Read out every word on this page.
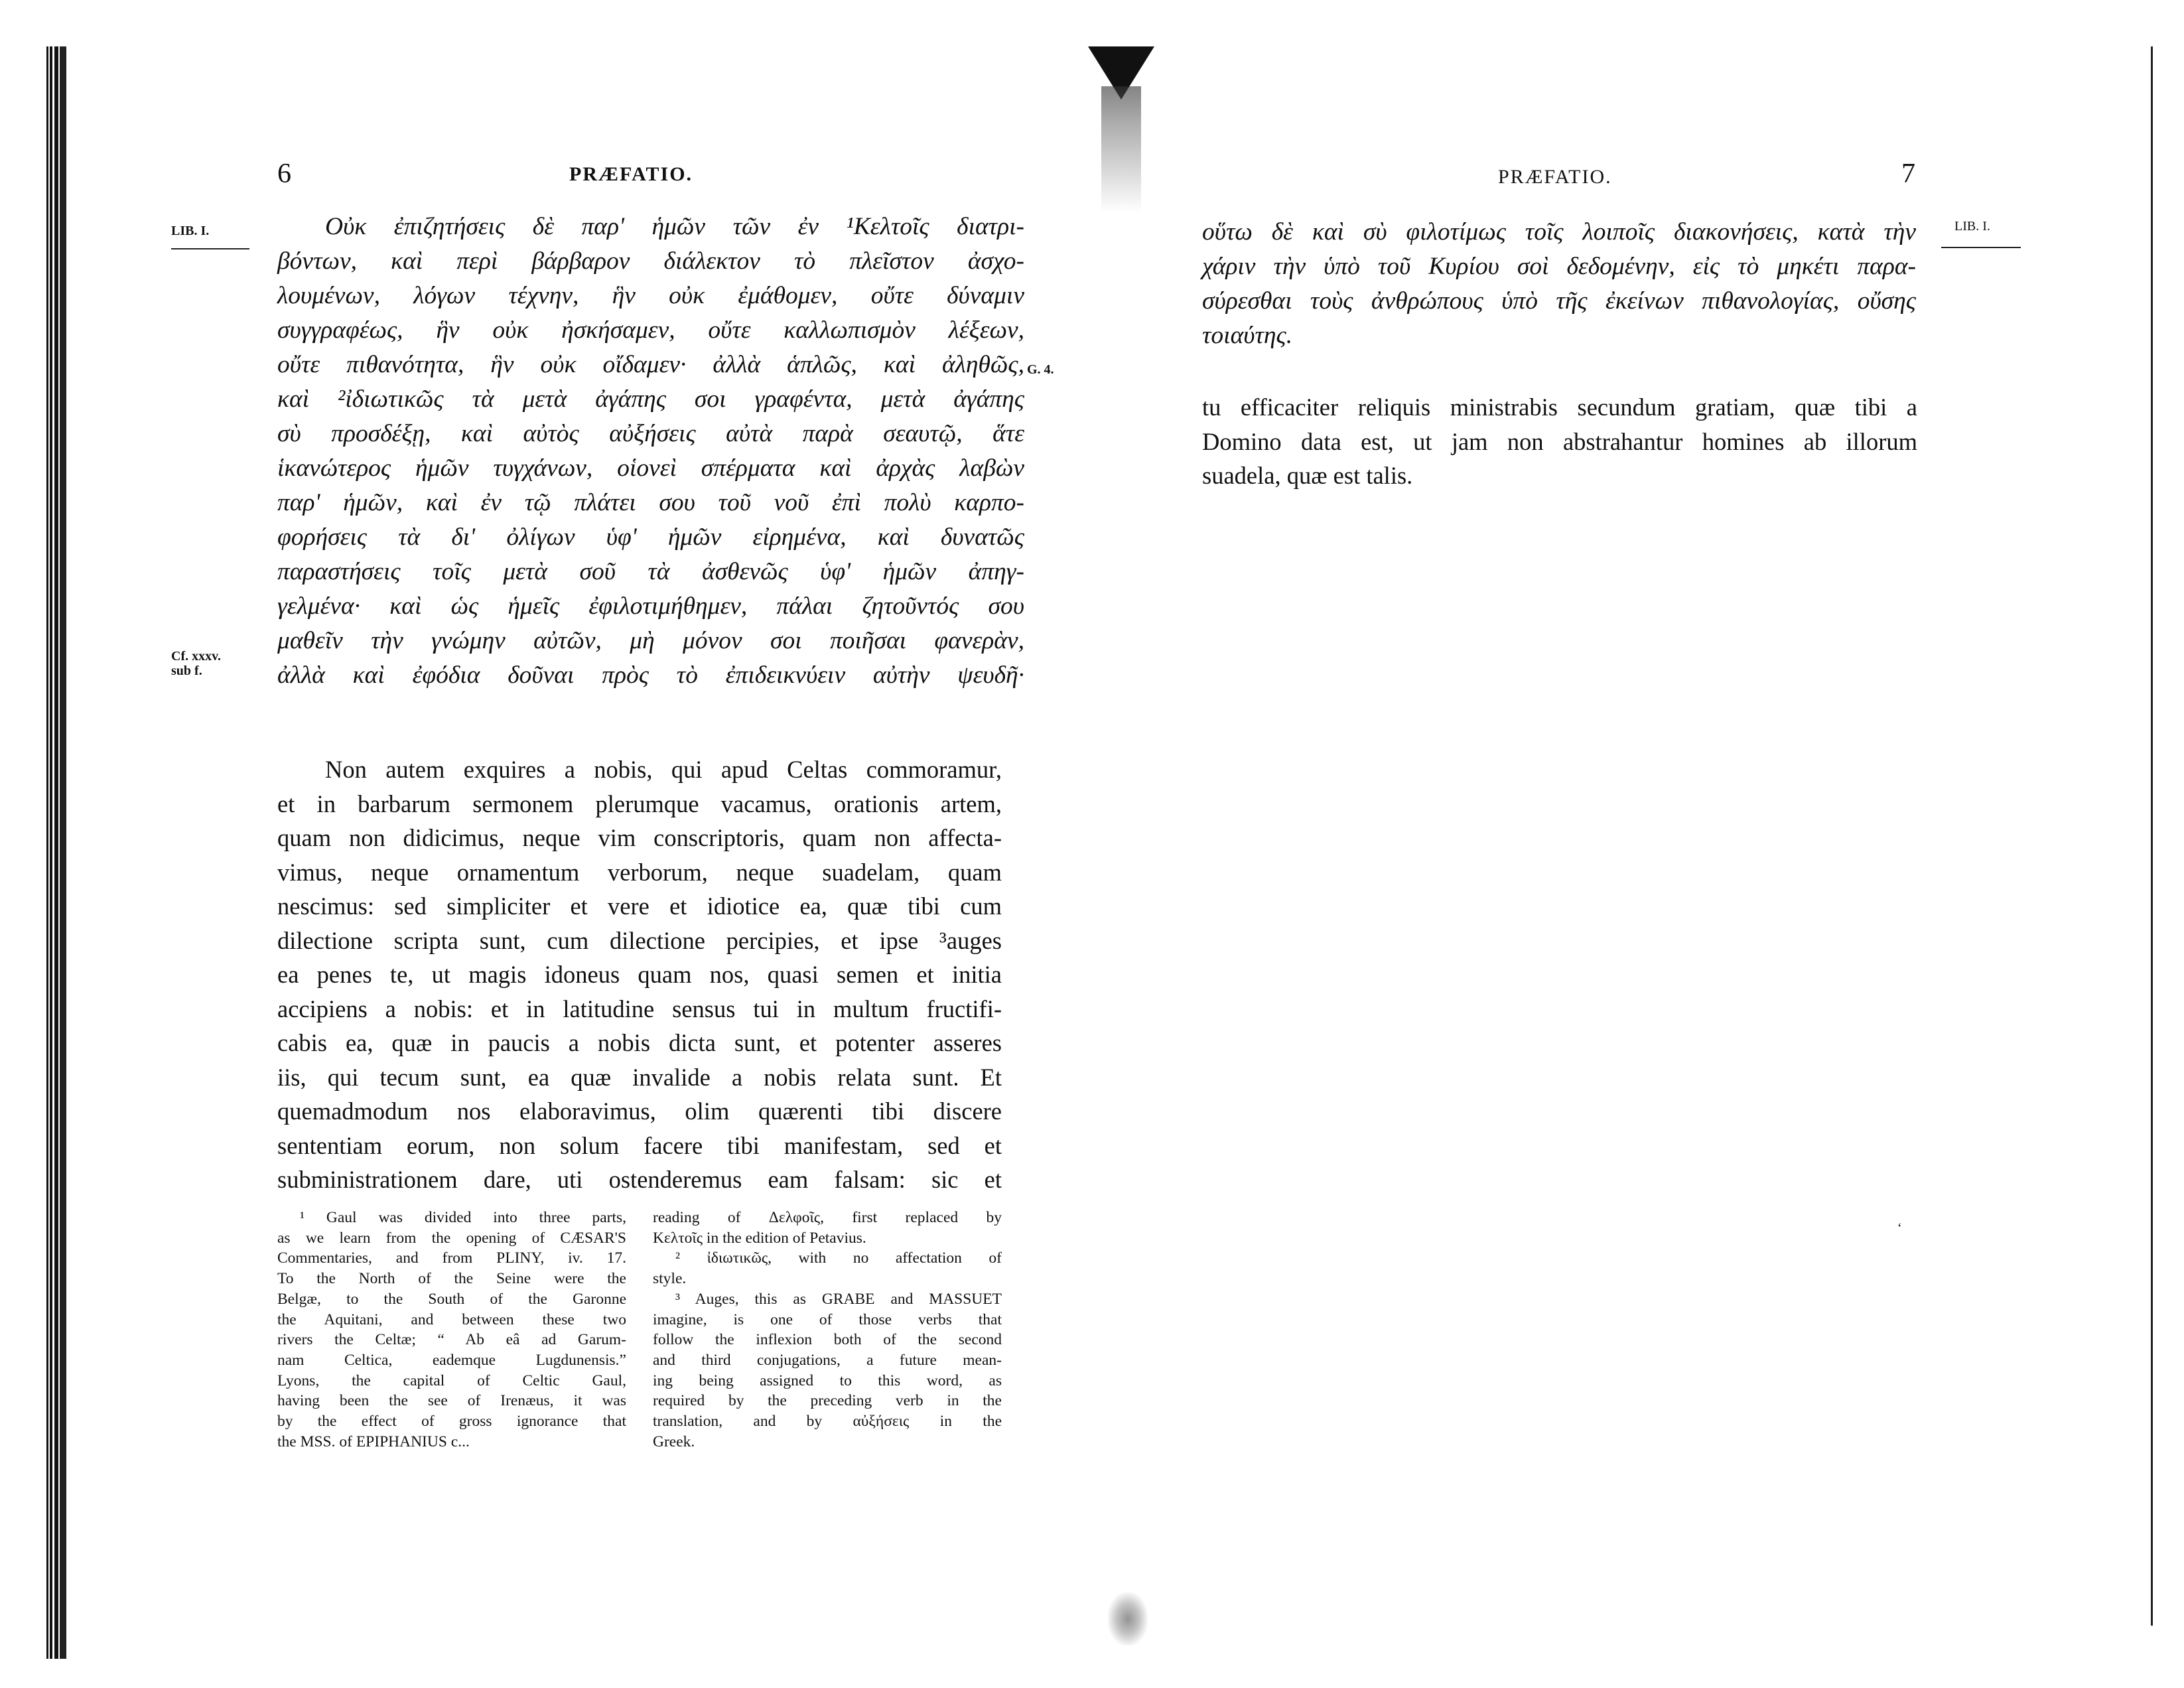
6	PRÆFATIO.
LIB. I.
G. 4.
Cf. xxxv.
sub f.
Οὐκ ἐπιζητήσεις δὲ παρ' ἡμῶν τῶν ἐν ¹Κελτοῖς διατρι-
βόντων, καὶ περὶ βάρβαρον διάλεκτον τὸ πλεῖστον ἀσχο-
λουμένων, λόγων τέχνην, ἣν οὐκ ἐμάθομεν, οὔτε δύναμιν
συγγραφέως, ἣν οὐκ ἠσκήσαμεν, οὔτε καλλωπισμὸν λέξεων,
οὔτε πιθανότητα, ἣν οὐκ οἴδαμεν· ἀλλὰ ἁπλῶς, καὶ ἀληθῶς,
καὶ ²ἰδιωτικῶς τὰ μετὰ ἀγάπης σοι γραφέντα, μετὰ ἀγάπης
σὺ προσδέξῃ, καὶ αὐτὸς αὐξήσεις αὐτὰ παρὰ σεαυτῷ, ἅτε
ἱκανώτερος ἡμῶν τυγχάνων, οἱονεὶ σπέρματα καὶ ἀρχὰς λαβὼν
παρ' ἡμῶν, καὶ ἐν τῷ πλάτει σου τοῦ νοῦ ἐπὶ πολὺ καρπο-
φορήσεις τὰ δι' ὀλίγων ὑφ' ἡμῶν εἰρημένα, καὶ δυνατῶς
παραστήσεις τοῖς μετὰ σοῦ τὰ ἀσθενῶς ὑφ' ἡμῶν ἀπηγ-
γελμένα· καὶ ὡς ἡμεῖς ἐφιλοτιμήθημεν, πάλαι ζητοῦντός σου
μαθεῖν τὴν γνώμην αὐτῶν, μὴ μόνον σοι ποιῆσαι φανερὰν,
ἀλλὰ καὶ ἐφόδια δοῦναι πρὸς τὸ ἐπιδεικνύειν αὐτὴν ψευδῆ·
Non autem exquires a nobis, qui apud Celtas commoramur,
et in barbarum sermonem plerumque vacamus, orationis artem,
quam non didicimus, neque vim conscriptoris, quam non affecta-
vimus, neque ornamentum verborum, neque suadelam, quam
nescimus: sed simpliciter et vere et idiotice ea, quæ tibi cum
dilectione scripta sunt, cum dilectione percipies, et ipse ³auges
ea penes te, ut magis idoneus quam nos, quasi semen et initia
accipiens a nobis: et in latitudine sensus tui in multum fructifi-
cabis ea, quæ in paucis a nobis dicta sunt, et potenter asseres
iis, qui tecum sunt, ea quæ invalide a nobis relata sunt. Et
quemadmodum nos elaboravimus, olim quærenti tibi discere
sententiam eorum, non solum facere tibi manifestam, sed et
subministrationem dare, uti ostenderemus eam falsam: sic et
¹ Gaul was divided into three parts,
as we learn from the opening of CÆSAR'S
Commentaries, and from PLINY, iv. 17.
To the North of the Seine were the
Belgæ, to the South of the Garonne
the Aquitani, and between these two
rivers the Celtæ; “ Ab eâ ad Garum-
nam Celtica, eademque Lugdunensis.”
Lyons, the capital of Celtic Gaul,
having been the see of Irenæus, it was
by the effect of gross ignorance that
the MSS. of EPIPHANIUS c...
reading of Δελφοῖς, first replaced by
Κελτοῖς in the edition of Petavius.
² ἰδιωτικῶς, with no affectation of
style.
³ Auges, this as GRABE and MASSUET
imagine, is one of those verbs that
follow the inflexion both of the second
and third conjugations, a future mean-
ing being assigned to this word, as
required by the preceding verb in the
translation, and by αὐξήσεις in the
Greek.
PRÆFATIO.	7
LIB. I.
οὕτω δὲ καὶ σὺ φιλοτίμως τοῖς λοιποῖς διακονήσεις, κατὰ τὴν
χάριν τὴν ὑπὸ τοῦ Κυρίου σοὶ δεδομένην, εἰς τὸ μηκέτι παρα-
σύρεσθαι τοὺς ἀνθρώπους ὑπὸ τῆς ἐκείνων πιθανολογίας, οὔσης
τοιαύτης.
tu efficaciter reliquis ministrabis secundum gratiam, quæ tibi a
Domino data est, ut jam non abstrahantur homines ab illorum
suadela, quæ est talis.
‘
